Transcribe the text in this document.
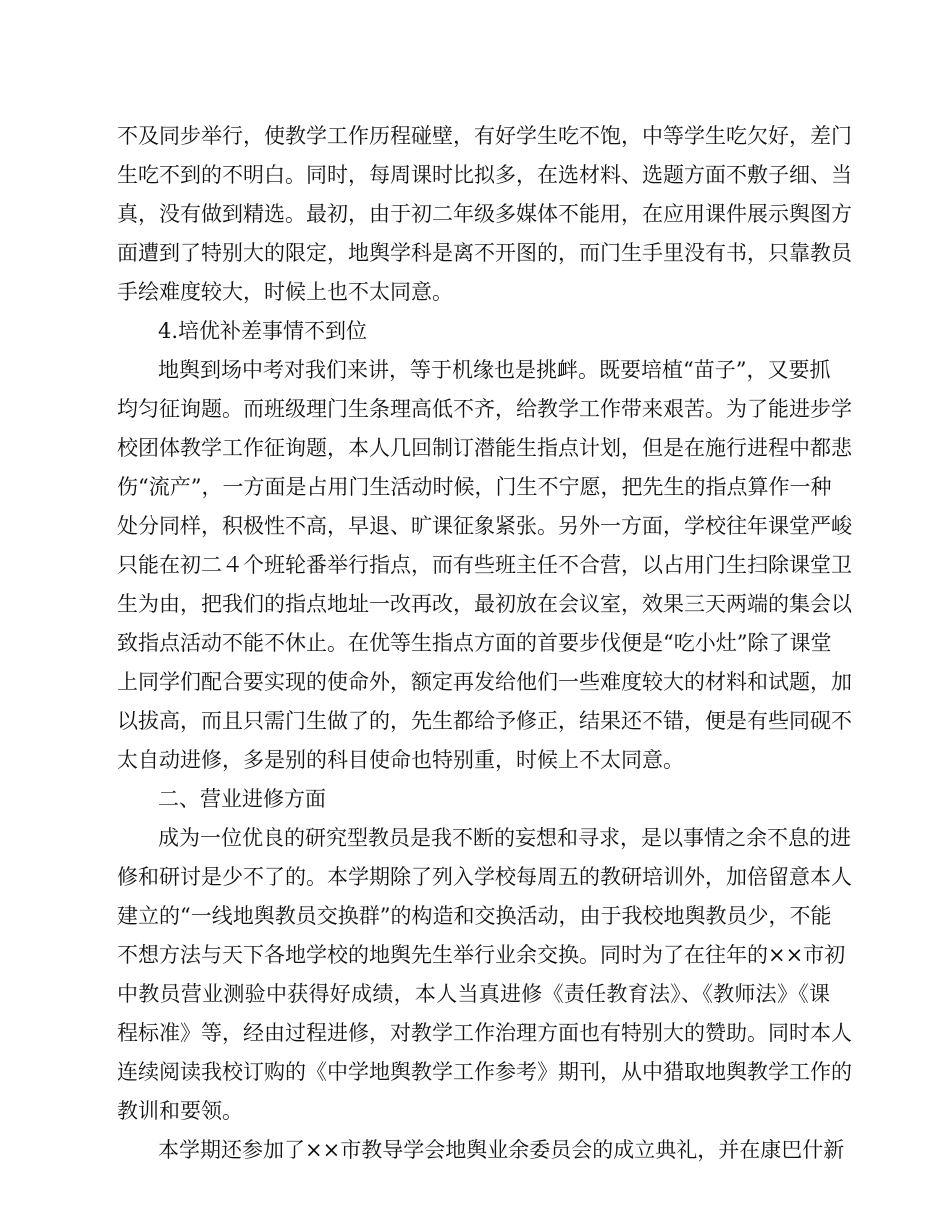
不及同步举行，使教学工作历程碰壁，有好学生吃不饱，中等学生吃欠好，差门
生吃不到的不明白。同时，每周课时比拟多，在选材料、选题方面不敷子细、当
真，没有做到精选。最初，由于初二年级多媒体不能用，在应用课件展示舆图方
面遭到了特别大的限定，地舆学科是离不开图的，而门生手里没有书，只靠教员
手绘难度较大，时候上也不太同意。
4.培优补差事情不到位
地舆到场中考对我们来讲，等于机缘也是挑衅。既要培植“苗子”，又要抓
均匀征询题。而班级理门生条理高低不齐，给教学工作带来艰苦。为了能进步学
校团体教学工作征询题，本人几回制订潜能生指点计划，但是在施行进程中都悲
伤“流产”，一方面是占用门生活动时候，门生不宁愿，把先生的指点算作一种
处分同样，积极性不高，早退、旷课征象紧张。另外一方面，学校往年课堂严峻
只能在初二４个班轮番举行指点，而有些班主任不合营，以占用门生扫除课堂卫
生为由，把我们的指点地址一改再改，最初放在会议室，效果三天两端的集会以
致指点活动不能不休止。在优等生指点方面的首要步伐便是“吃小灶”除了课堂
上同学们配合要实现的使命外，额定再发给他们一些难度较大的材料和试题，加
以拔高，而且只需门生做了的，先生都给予修正，结果还不错，便是有些同砚不
太自动进修，多是别的科目使命也特别重，时候上不太同意。
二、营业进修方面
成为一位优良的研究型教员是我不断的妄想和寻求，是以事情之余不息的进
修和研讨是少不了的。本学期除了列入学校每周五的教研培训外，加倍留意本人
建立的“一线地舆教员交换群”的构造和交换活动，由于我校地舆教员少，不能
不想方法与天下各地学校的地舆先生举行业余交换。同时为了在往年的××市初
中教员营业测验中获得好成绩，本人当真进修《责任教育法》、《教师法》《课
程标准》等，经由过程进修，对教学工作治理方面也有特别大的赞助。同时本人
连续阅读我校订购的《中学地舆教学工作参考》期刊，从中猎取地舆教学工作的
教训和要领。
本学期还参加了××市教导学会地舆业余委员会的成立典礼，并在康巴什新
